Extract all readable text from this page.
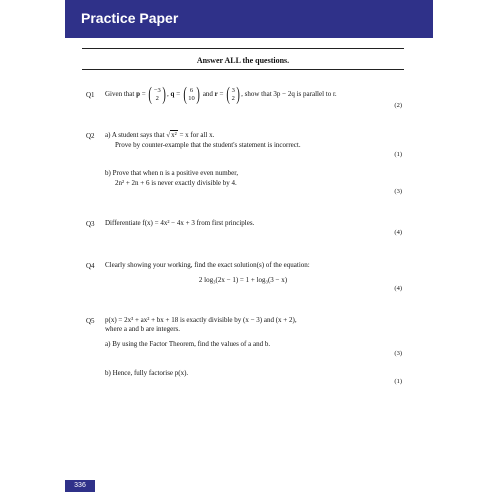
Practice Paper
Answer ALL the questions.
Q1 Given that p = ( −3
2 ) , q = ( 6
10 ) and r = ( 3
2 ) , show that 3p − 2q is parallel to r.
(2)
Q2 a) A student says that √x² = x for all x.
Prove by counter-example that the student's statement is incorrect.
(1)
b) Prove that when n is a positive even number,
2n² + 2n + 6 is never exactly divisible by 4.
(3)
Q3 Differentiate f(x) = 4x² − 4x + 3 from first principles.
(4)
Q4 Clearly showing your working, find the exact solution(s) of the equation:
2 log₃(2x − 1) = 1 + log₃(3 − x)
(4)
Q5 p(x) = 2x³ + ax² + bx + 18 is exactly divisible by (x − 3) and (x + 2),
where a and b are integers.
a) By using the Factor Theorem, find the values of a and b.
(3)
b) Hence, fully factorise p(x).
(1)
336
